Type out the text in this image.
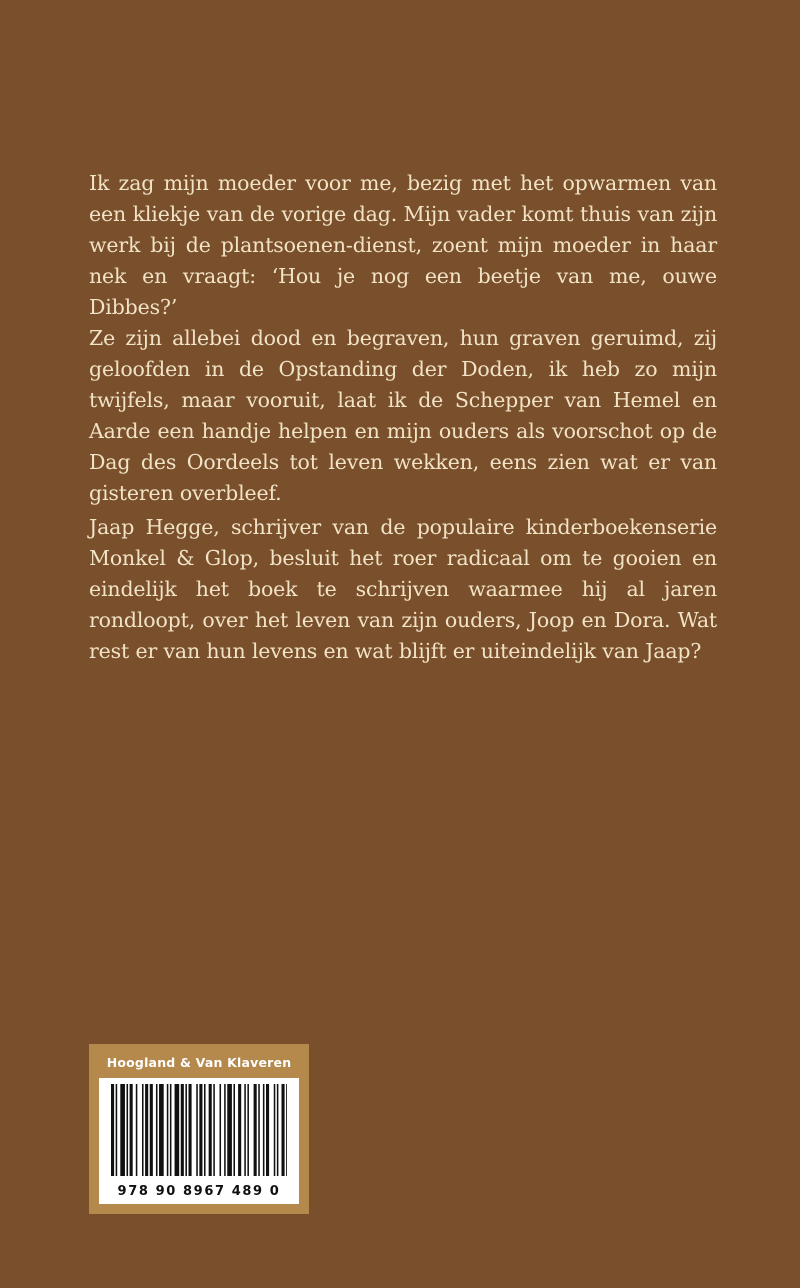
Ik zag mijn moeder voor me, bezig met het opwarmen van een kliekje van de vorige dag. Mijn vader komt thuis van zijn werk bij de plantsoenen-dienst, zoent mijn moeder in haar nek en vraagt: ‘Hou je nog een beetje van me, ouwe Dibbes?’

Ze zijn allebei dood en begraven, hun graven geruimd, zij geloofden in de Opstanding der Doden, ik heb zo mijn twijfels, maar vooruit, laat ik de Schepper van Hemel en Aarde een handje helpen en mijn ouders als voorschot op de Dag des Oordeels tot leven wekken, eens zien wat er van gisteren overbleef.

Jaap Hegge, schrijver van de populaire kinderboekenserie Monkel & Glop, besluit het roer radicaal om te gooien en eindelijk het boek te schrijven waarmee hij al jaren rondloopt, over het leven van zijn ouders, Joop en Dora. Wat rest er van hun levens en wat blijft er uiteindelijk van Jaap?

Hoogland & Van Klaveren
978 90 8967 489 0
